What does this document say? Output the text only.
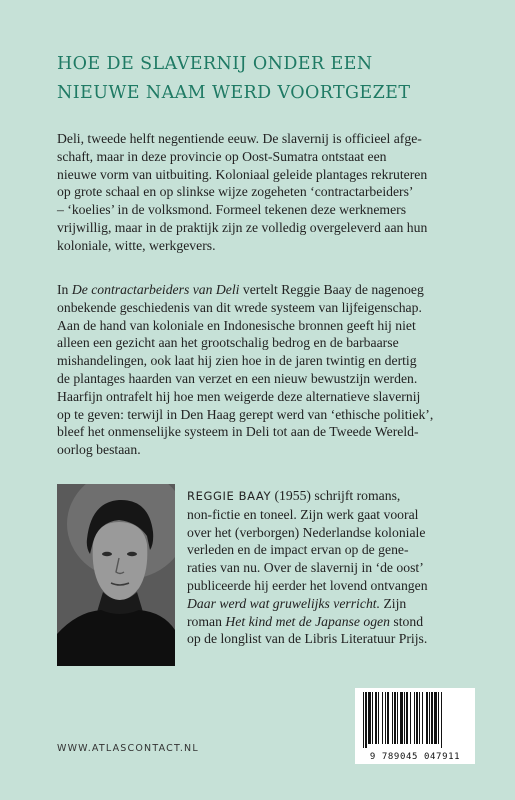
HOE DE SLAVERNIJ ONDER EEN
NIEUWE NAAM WERD VOORTGEZET

Deli, tweede helft negentiende eeuw. De slavernij is officieel afge-
schaft, maar in deze provincie op Oost-Sumatra ontstaat een
nieuwe vorm van uitbuiting. Koloniaal geleide plantages rekruteren
op grote schaal en op slinkse wijze zogeheten ‘contractarbeiders’
– ‘koelies’ in de volksmond. Formeel tekenen deze werknemers
vrijwillig, maar in de praktijk zijn ze volledig overgeleverd aan hun
koloniale, witte, werkgevers.

In De contractarbeiders van Deli vertelt Reggie Baay de nagenoeg
onbekende geschiedenis van dit wrede systeem van lijfeigenschap.
Aan de hand van koloniale en Indonesische bronnen geeft hij niet
alleen een gezicht aan het grootschalig bedrog en de barbaarse
mishandelingen, ook laat hij zien hoe in de jaren twintig en dertig
de plantages haarden van verzet en een nieuw bewustzijn werden.
Haarfijn ontrafelt hij hoe men weigerde deze alternatieve slavernij
op te geven: terwijl in Den Haag gerept werd van ‘ethische politiek’,
bleef het onmenselijke systeem in Deli tot aan de Tweede Wereld-
oorlog bestaan.

REGGIE BAAY (1955) schrijft romans,
non-fictie en toneel. Zijn werk gaat vooral
over het (verborgen) Nederlandse koloniale
verleden en de impact ervan op de gene-
raties van nu. Over de slavernij in ‘de oost’
publiceerde hij eerder het lovend ontvangen
Daar werd wat gruwelijks verricht. Zijn
roman Het kind met de Japanse ogen stond
op de longlist van de Libris Literatuur Prijs.

WWW.ATLASCONTACT.NL
9 789045 047911
